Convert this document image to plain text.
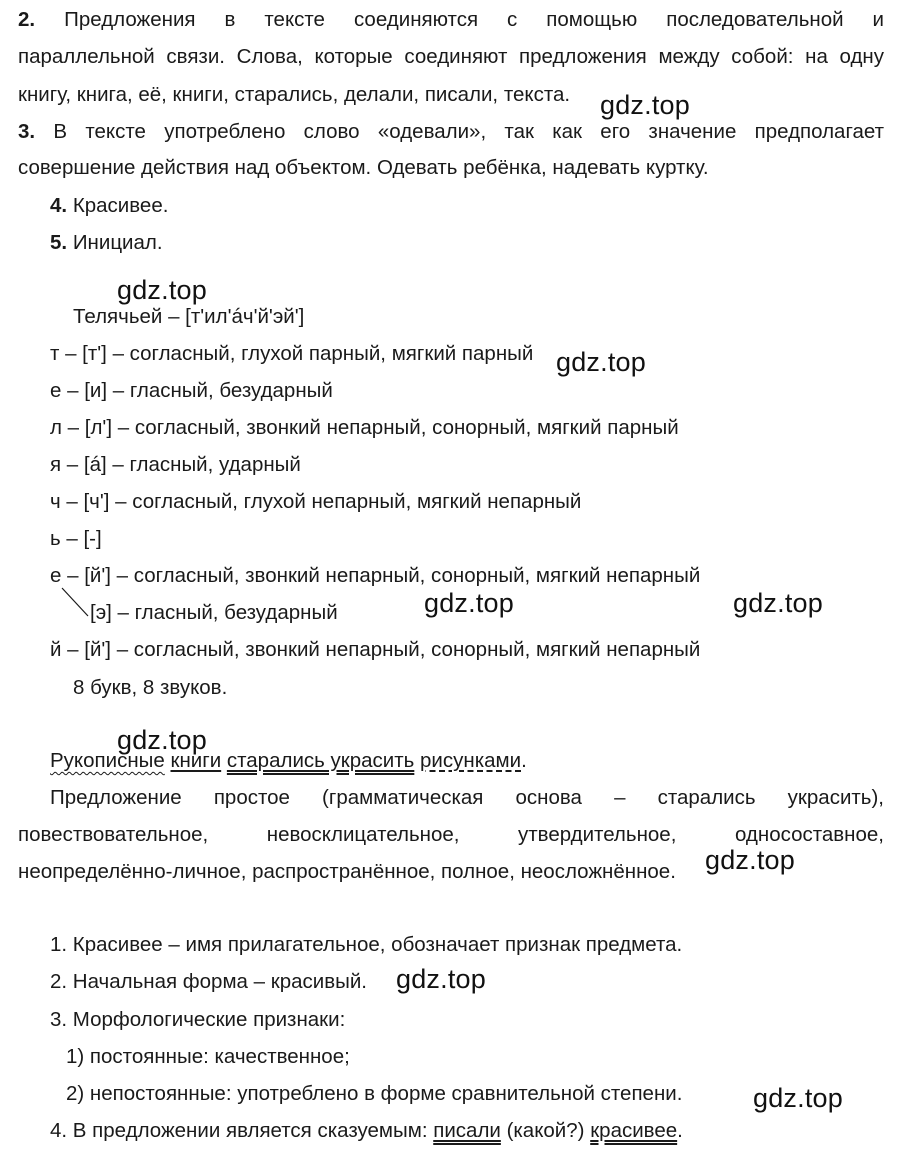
2. Предложения в тексте соединяются с помощью последовательной и
параллельной связи. Слова, которые соединяют предложения между собой: на одну
книгу, книга, её, книги, старались, делали, писали, текста.
3. В тексте употреблено слово «одевали», так как его значение предполагает
совершение действия над объектом. Одевать ребёнка, надевать куртку.
4. Красивее.
5. Инициал.
Телячьей – [т'ил'áч'й'эй']
т – [т'] – согласный, глухой парный, мягкий парный
е – [и] – гласный, безударный
л – [л'] – согласный, звонкий непарный, сонорный, мягкий парный
я – [á] – гласный, ударный
ч – [ч'] – согласный, глухой непарный, мягкий непарный
ь – [-]
е – [й'] – согласный, звонкий непарный, сонорный, мягкий непарный
[э] – гласный, безударный
й – [й'] – согласный, звонкий непарный, сонорный, мягкий непарный
8 букв, 8 звуков.
Рукописные книги старались украсить рисунками.
Предложение простое (грамматическая основа – старались украсить),
повествовательное, невосклицательное, утвердительное, односоставное,
неопределённо-личное, распространённое, полное, неосложнённое.
1. Красивее – имя прилагательное, обозначает признак предмета.
2. Начальная форма – красивый.
3. Морфологические признаки:
1) постоянные: качественное;
2) непостоянные: употреблено в форме сравнительной степени.
4. В предложении является сказуемым: писали (какой?) красивее.
gdz.top
gdz.top
gdz.top
gdz.top	gdz.top
gdz.top
gdz.top
gdz.top
gdz.top
